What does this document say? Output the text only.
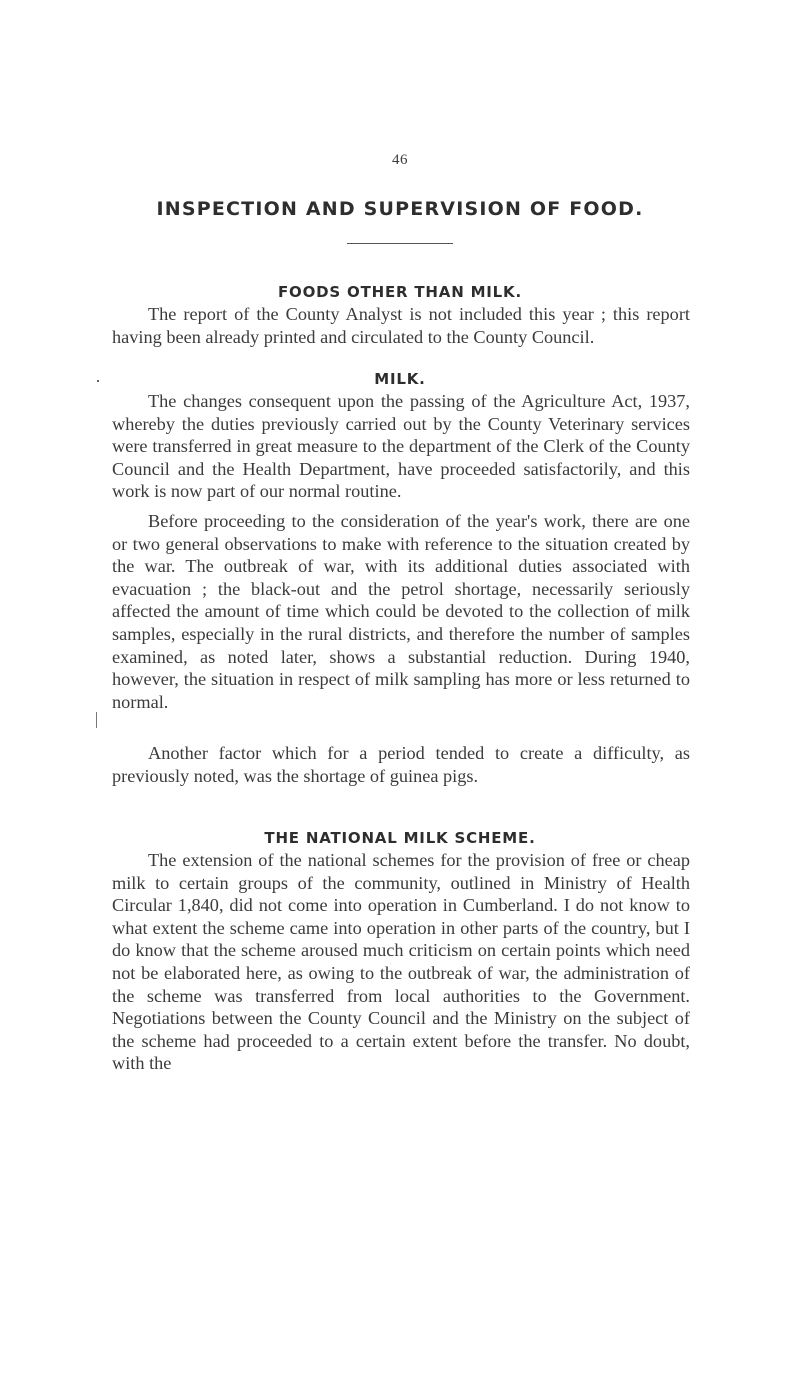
46
INSPECTION AND SUPERVISION OF FOOD.
FOODS OTHER THAN MILK.

The report of the County Analyst is not included this year ; this report having been already printed and circulated to the County Council.

MILK.

The changes consequent upon the passing of the Agriculture Act, 1937, whereby the duties previously carried out by the County Veterinary services were transferred in great measure to the department of the Clerk of the County Council and the Health Department, have proceeded satisfactorily, and this work is now part of our normal routine.

Before proceeding to the consideration of the year's work, there are one or two general observations to make with reference to the situation created by the war. The outbreak of war, with its additional duties associated with evacuation ; the black-out and the petrol shortage, necessarily seriously affected the amount of time which could be devoted to the collection of milk samples, especially in the rural districts, and therefore the number of samples examined, as noted later, shows a substantial reduction. During 1940, however, the situation in respect of milk sampling has more or less returned to normal.

Another factor which for a period tended to create a difficulty, as previously noted, was the shortage of guinea pigs.

THE NATIONAL MILK SCHEME.

The extension of the national schemes for the provision of free or cheap milk to certain groups of the community, outlined in Ministry of Health Circular 1,840, did not come into operation in Cumberland. I do not know to what extent the scheme came into operation in other parts of the country, but I do know that the scheme aroused much criticism on certain points which need not be elaborated here, as owing to the outbreak of war, the administration of the scheme was transferred from local authorities to the Government. Negotiations between the County Council and the Ministry on the subject of the scheme had proceeded to a certain extent before the transfer. No doubt, with the
